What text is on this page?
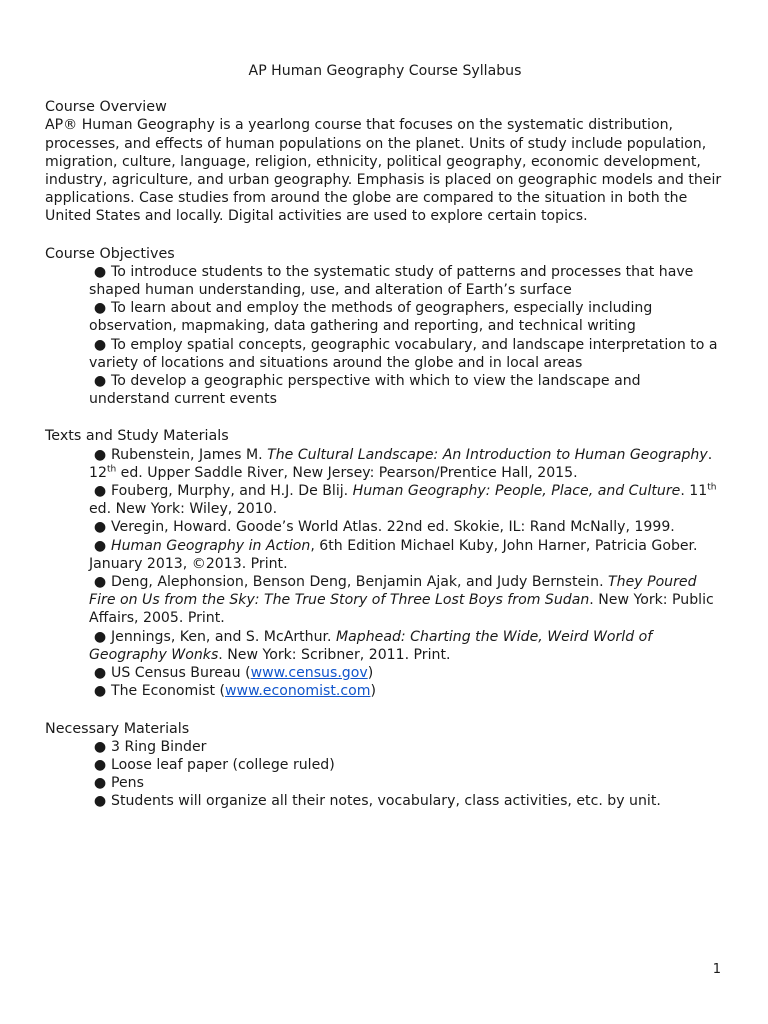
AP Human Geography Course Syllabus
Course Overview

AP® Human Geography is a yearlong course that focuses on the systematic distribution, processes, and effects of human populations on the planet. Units of study include population, migration, culture, language, religion, ethnicity, political geography, economic development, industry, agriculture, and urban geography. Emphasis is placed on geographic models and their applications. Case studies from around the globe are compared to the situation in both the United States and locally. Digital activities are used to explore certain topics.

Course Objectives
● To introduce students to the systematic study of patterns and processes that have shaped human understanding, use, and alteration of Earth’s surface
● To learn about and employ the methods of geographers, especially including observation, mapmaking, data gathering and reporting, and technical writing
● To employ spatial concepts, geographic vocabulary, and landscape interpretation to a variety of locations and situations around the globe and in local areas
● To develop a geographic perspective with which to view the landscape and understand current events
Texts and Study Materials
● Rubenstein, James M. The Cultural Landscape: An Introduction to Human Geography. 12th ed. Upper Saddle River, New Jersey: Pearson/Prentice Hall, 2015.
● Fouberg, Murphy, and H.J. De Blij. Human Geography: People, Place, and Culture. 11th ed. New York: Wiley, 2010.
● Veregin, Howard. Goode’s World Atlas. 22nd ed. Skokie, IL: Rand McNally, 1999.
● Human Geography in Action, 6th Edition Michael Kuby, John Harner, Patricia Gober. January 2013, ©2013. Print.
● Deng, Alephonsion, Benson Deng, Benjamin Ajak, and Judy Bernstein. They Poured Fire on Us from the Sky: The True Story of Three Lost Boys from Sudan. New York: Public Affairs, 2005. Print.
● Jennings, Ken, and S. McArthur. Maphead: Charting the Wide, Weird World of Geography Wonks. New York: Scribner, 2011. Print.
● US Census Bureau (www.census.gov)
● The Economist (www.economist.com)
Necessary Materials
● 3 Ring Binder
● Loose leaf paper (college ruled)
● Pens
● Students will organize all their notes, vocabulary, class activities, etc. by unit.
1
